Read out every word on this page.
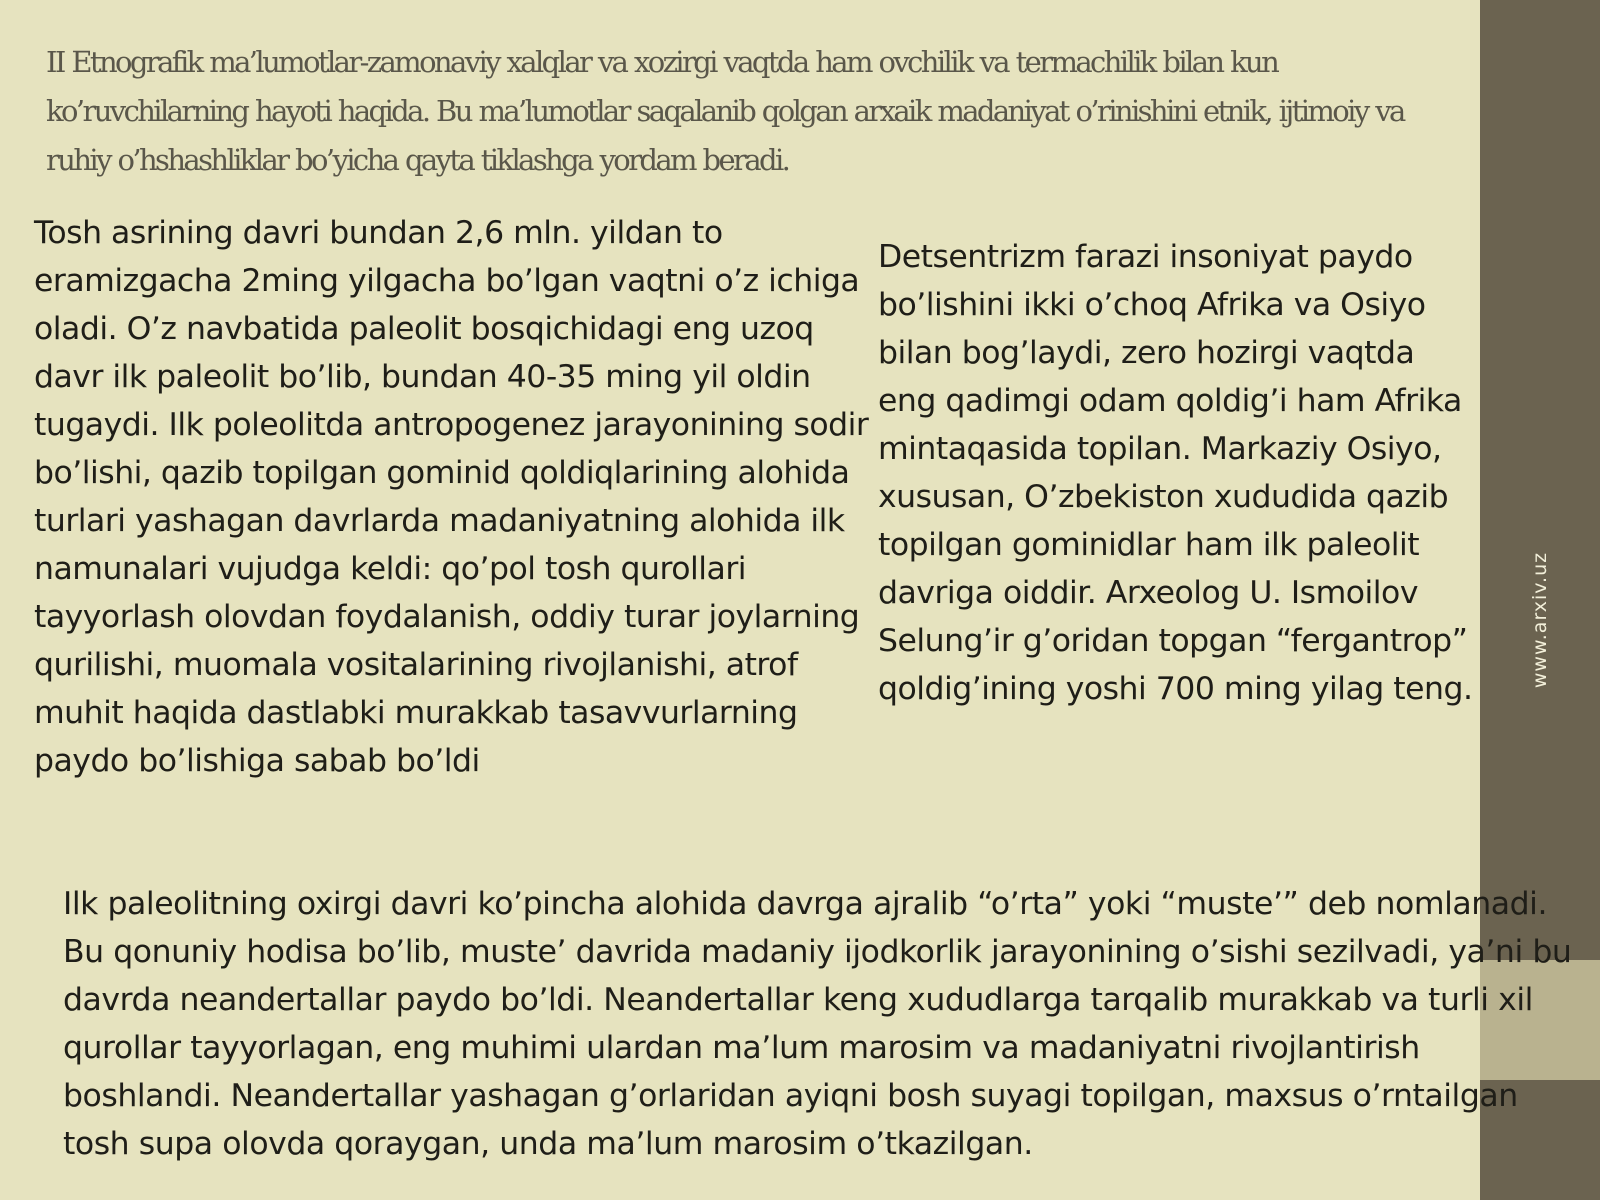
www.arxiv.uz

II Etnografik ma’lumotlar-zamonaviy xalqlar va xozirgi vaqtda ham ovchilik va termachilik bilan kun ko’ruvchilarning hayoti haqida. Bu ma’lumotlar saqalanib qolgan arxaik madaniyat o’rinishini etnik, ijtimoiy va ruhiy o’hshashliklar bo’yicha qayta tiklashga yordam beradi.

Tosh asrining davri bundan 2,6 mln. yildan to eramizgacha 2ming yilgacha bo’lgan vaqtni o’z ichiga oladi. O’z navbatida paleolit bosqichidagi eng uzoq davr ilk paleolit bo’lib, bundan 40-35 ming yil oldin tugaydi. Ilk poleolitda antropogenez jarayonining sodir bo’lishi, qazib topilgan gominid qoldiqlarining alohida turlari yashagan davrlarda madaniyatning alohida ilk namunalari vujudga keldi: qo’pol tosh qurollari tayyorlash olovdan foydalanish, oddiy turar joylarning qurilishi, muomala vositalarining rivojlanishi, atrof muhit haqida dastlabki murakkab tasavvurlarning paydo bo’lishiga sabab bo’ldi

Detsentrizm farazi insoniyat paydo bo’lishini ikki o’choq Afrika va Osiyo bilan bog’laydi, zero hozirgi vaqtda eng qadimgi odam qoldig’i ham Afrika mintaqasida topilan. Markaziy Osiyo, xususan, O’zbekiston xududida qazib topilgan gominidlar ham ilk paleolit davriga oiddir. Arxeolog U. Ismoilov Selung’ir g’oridan topgan “fergantrop” qoldig’ining yoshi 700 ming yilag teng.

Ilk paleolitning oxirgi davri ko’pincha alohida davrga ajralib “o’rta” yoki “muste’” deb nomlanadi. Bu qonuniy hodisa bo’lib, muste’ davrida madaniy ijodkorlik jarayonining o’sishi sezilvadi, ya’ni bu davrda neandertallar paydo bo’ldi. Neandertallar keng xududlarga tarqalib murakkab va turli xil qurollar tayyorlagan, eng muhimi ulardan ma’lum marosim va madaniyatni rivojlantirish boshlandi. Neandertallar yashagan g’orlaridan ayiqni bosh suyagi topilgan, maxsus o’rntailgan tosh supa olovda qoraygan, unda ma’lum marosim o’tkazilgan.
